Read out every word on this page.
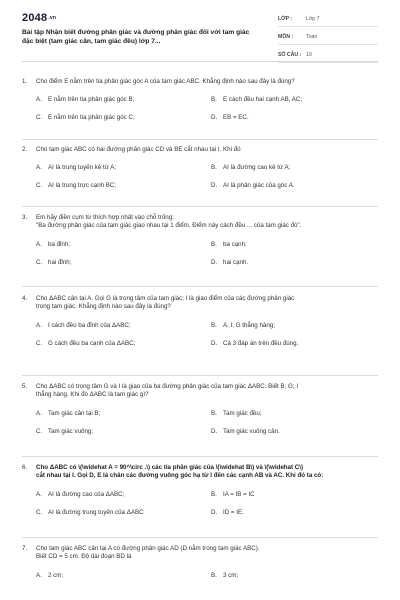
2048.vn
Bài tập Nhận biết đường phân giác và đường phân giác đối với tam giác đặc biệt (tam giác cân, tam giác đều) lớp 7...
LỚP :	Lớp 7
MÔN : Toán
SỐ CÂU : 10
1. Cho điểm E nằm trên tia phân giác góc A của tam giác ABC. Khẳng định nào sau đây là đúng?
A. E nằm trên tia phân giác góc B;	B. E cách đều hai cạnh AB, AC;
C. E nằm trên tia phân giác góc C;	D. EB = EC.
2. Cho tam giác ABC có hai đường phân giác CD và BE cắt nhau tại I. Khi đó
A. AI là trung tuyến kẻ từ A;	B. AI là đường cao kẻ từ A;
C. AI là trung trực cạnh BC;	D. AI là phân giác của góc A.
3. Em hãy điền cụm từ thích hợp nhất vào chỗ trống:
"Ba đường phân giác của tam giác giao nhau tại 1 điểm. Điểm này cách đều ... của tam giác đó".
A. ba đỉnh;	B. ba cạnh;
C. hai đỉnh;	D. hai cạnh.
4. Cho ΔABC cân tại A. Gọi G là trọng tâm của tam giác; I là giao điểm của các đường phân giác
trong tam giác. Khẳng định nào sau đây là đúng?
A. I cách đều ba đỉnh của ΔABC;	B. A, I, G thẳng hàng;
C. G cách đều ba cạnh của ΔABC;	D. Cả 3 đáp án trên đều đúng.
5. Cho ΔABC có trọng tâm G và I là giao của ba đường phân giác của tam giác ΔABC. Biết B; G; I
thẳng hàng. Khi đó ΔABC là tam giác gì?
A. Tam giác cân tại B;	B. Tam giác đều;
C. Tam giác vuông;	D. Tam giác vuông cân.
6. Cho ΔABC có \(\widehat A = 90^\circ .\) các tia phân giác của \(\widehat B\) và \(\widehat C\)
cắt nhau tại I. Gọi D, E là chân các đường vuông góc hạ từ I đến các cạnh AB và AC. Khi đó ta có:
A. AI là đường cao của ΔABC;	B. IA = IB = IC
C. AI là đường trung tuyến của ΔABC	D. ID = IE.
7. Cho tam giác ABC cân tại A có đường phân giác AD (D nằm trong tam giác ABC).
Biết CD = 5 cm. Độ dài đoạn BD là
A. 2 cm;	B. 3 cm;
